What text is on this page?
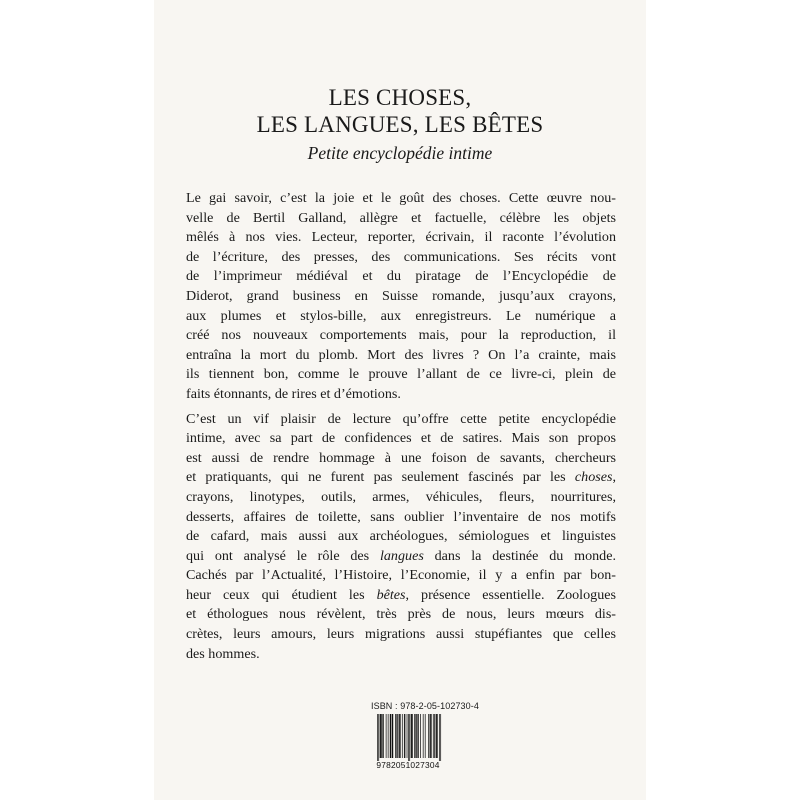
LES CHOSES,
LES LANGUES, LES BÊTES
Petite encyclopédie intime
Le gai savoir, c’est la joie et le goût des choses. Cette œuvre nou-
velle de Bertil Galland, allègre et factuelle, célèbre les objets
mêlés à nos vies. Lecteur, reporter, écrivain, il raconte l’évolution
de l’écriture, des presses, des communications. Ses récits vont
de l’imprimeur médiéval et du piratage de l’Encyclopédie de
Diderot, grand business en Suisse romande, jusqu’aux crayons,
aux plumes et stylos-bille, aux enregistreurs. Le numérique a
créé nos nouveaux comportements mais, pour la reproduction, il
entraîna la mort du plomb. Mort des livres ? On l’a crainte, mais
ils tiennent bon, comme le prouve l’allant de ce livre-ci, plein de
faits étonnants, de rires et d’émotions.
C’est un vif plaisir de lecture qu’offre cette petite encyclopédie
intime, avec sa part de confidences et de satires. Mais son propos
est aussi de rendre hommage à une foison de savants, chercheurs
et pratiquants, qui ne furent pas seulement fascinés par les choses,
crayons, linotypes, outils, armes, véhicules, fleurs, nourritures,
desserts, affaires de toilette, sans oublier l’inventaire de nos motifs
de cafard, mais aussi aux archéologues, sémiologues et linguistes
qui ont analysé le rôle des langues dans la destinée du monde.
Cachés par l’Actualité, l’Histoire, l’Economie, il y a enfin par bon-
heur ceux qui étudient les bêtes, présence essentielle. Zoologues
et éthologues nous révèlent, très près de nous, leurs mœurs dis-
crètes, leurs amours, leurs migrations aussi stupéfiantes que celles
des hommes.
ISBN : 978-2-05-102730-4
9782051027304
